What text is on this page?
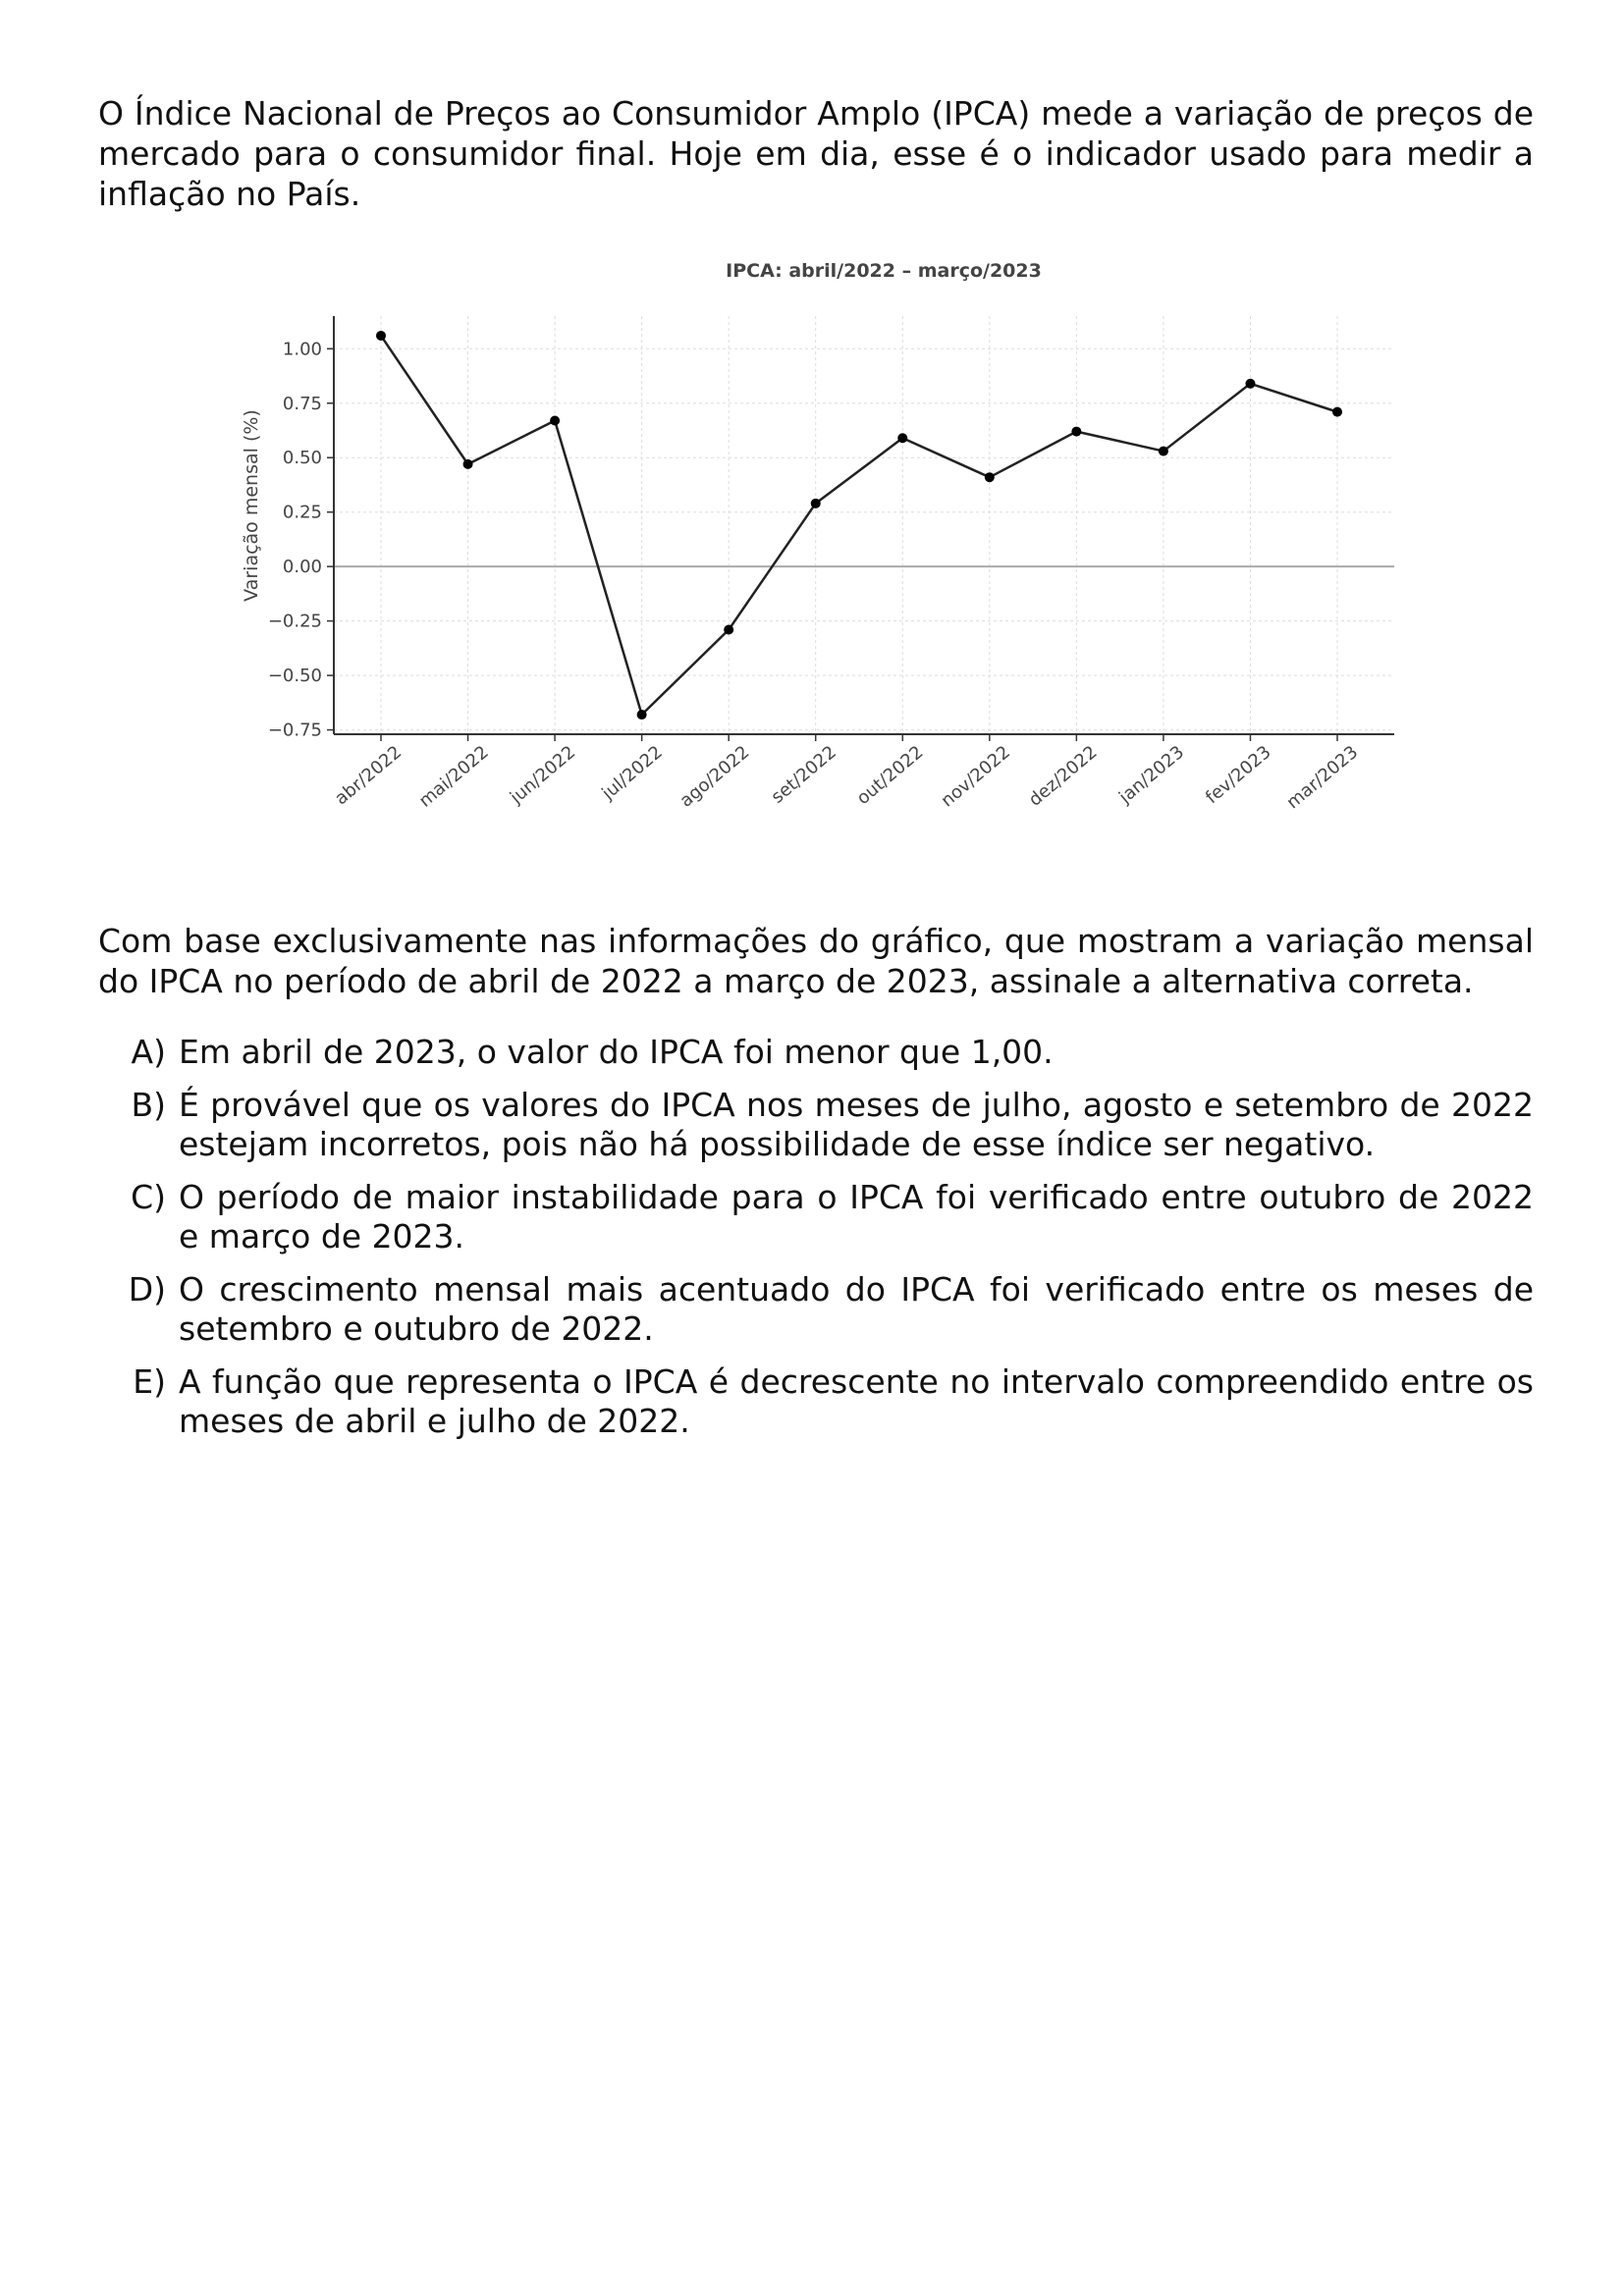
O Índice Nacional de Preços ao Consumidor Amplo (IPCA) mede a variação de preços de mercado para o consumidor final. Hoje em dia, esse é o indicador usado para medir a inflação no País.

IPCA: abril/2022 – março/2023
1.00
0.75
0.50
0.25
0.00
−0.25
−0.50
−0.75
Variação mensal (%)
abr/2022 mai/2022 jun/2022 jul/2022 ago/2022 set/2022 out/2022 nov/2022 dez/2022 jan/2023 fev/2023 mar/2023

Com base exclusivamente nas informações do gráfico, que mostram a variação mensal do IPCA no período de abril de 2022 a março de 2023, assinale a alternativa correta.

A) Em abril de 2023, o valor do IPCA foi menor que 1,00.
B) É provável que os valores do IPCA nos meses de julho, agosto e setembro de 2022 estejam incorretos, pois não há possibilidade de esse índice ser negativo.
C) O período de maior instabilidade para o IPCA foi verificado entre outubro de 2022 e março de 2023.
D) O crescimento mensal mais acentuado do IPCA foi verificado entre os meses de setembro e outubro de 2022.
E) A função que representa o IPCA é decrescente no intervalo compreendido entre os meses de abril e julho de 2022.
